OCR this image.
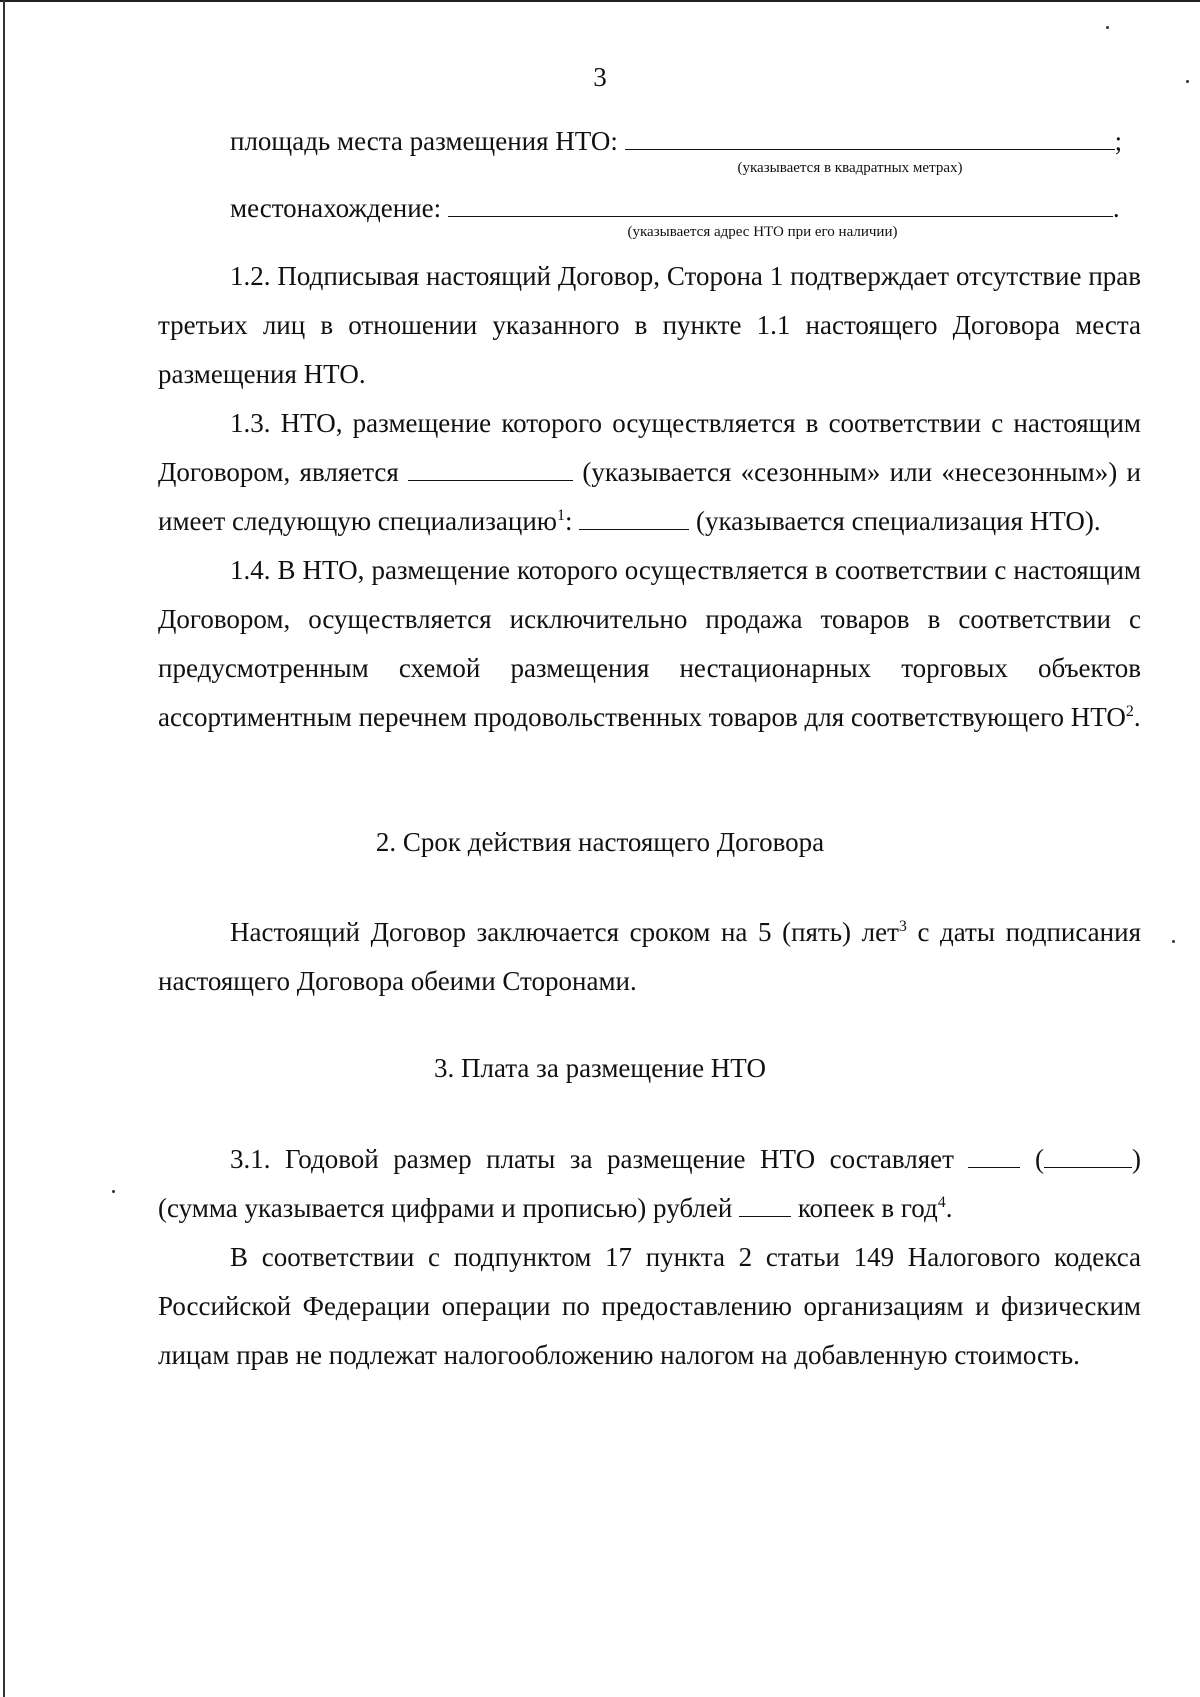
3
площадь места размещения НТО:	;
(указывается в квадратных метрах)
местонахождение:	.
(указывается адрес НТО при его наличии)

1.2. Подписывая настоящий Договор, Сторона 1 подтверждает отсутствие прав третьих лиц в отношении указанного в пункте 1.1 настоящего Договора места размещения НТО.

1.3. НТО, размещение которого осуществляется в соответствии с настоящим Договором, является	(указывается «сезонным» или «несезонным») и имеет следующую специализацию$^1$:	(указывается специализация НТО).

1.4. В НТО, размещение которого осуществляется в соответствии с настоящим Договором, осуществляется исключительно продажа товаров в соответствии с предусмотренным схемой размещения нестационарных торговых объектов ассортиментным перечнем продовольственных товаров для соответствующего НТО$^2$.

2. Срок действия настоящего Договора

Настоящий Договор заключается сроком на 5 (пять) лет$^3$ с даты подписания настоящего Договора обеими Сторонами.

3. Плата за размещение НТО

3.1. Годовой размер платы за размещение НТО составляет	(	) (сумма указывается цифрами и прописью) рублей копеек в год$^4$.

В соответствии с подпунктом 17 пункта 2 статьи 149 Налогового кодекса Российской Федерации операции по предоставлению организациям и физическим лицам прав не подлежат налогообложению налогом на добавленную стоимость.
